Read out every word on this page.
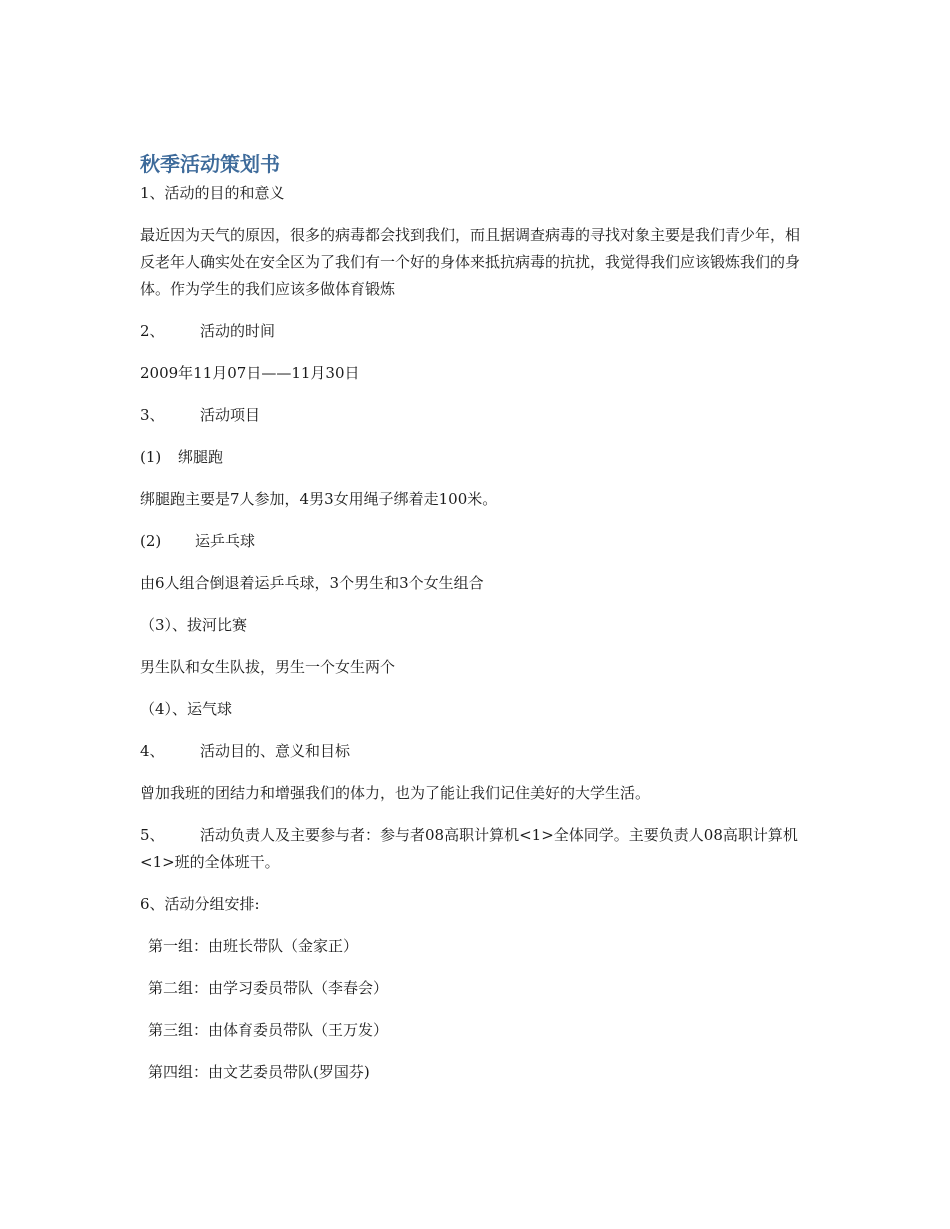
秋季活动策划书

1、活动的目的和意义

最近因为天气的原因，很多的病毒都会找到我们，而且据调查病毒的寻找对象主要是我们青少年，相反老年人确实处在安全区为了我们有一个好的身体来抵抗病毒的抗扰，我觉得我们应该锻炼我们的身体。作为学生的我们应该多做体育锻炼

2、 活动的时间

2009年11月07日——11月30日

3、 活动项目

(1) 绑腿跑

绑腿跑主要是7人参加，4男3女用绳子绑着走100米。

(2) 运乒乓球

由6人组合倒退着运乒乓球，3个男生和3个女生组合

（3）、拔河比赛

男生队和女生队拔，男生一个女生两个

（4）、运气球

4、 活动目的、意义和目标

曾加我班的团结力和增强我们的体力，也为了能让我们记住美好的大学生活。

5、 活动负责人及主要参与者：参与者08高职计算机<1>全体同学。主要负责人08高职计算机<1>班的全体班干。

6、活动分组安排:

第一组：由班长带队（金家正）

第二组：由学习委员带队（李春会）

第三组：由体育委员带队（王万发）

第四组：由文艺委员带队(罗国芬)
